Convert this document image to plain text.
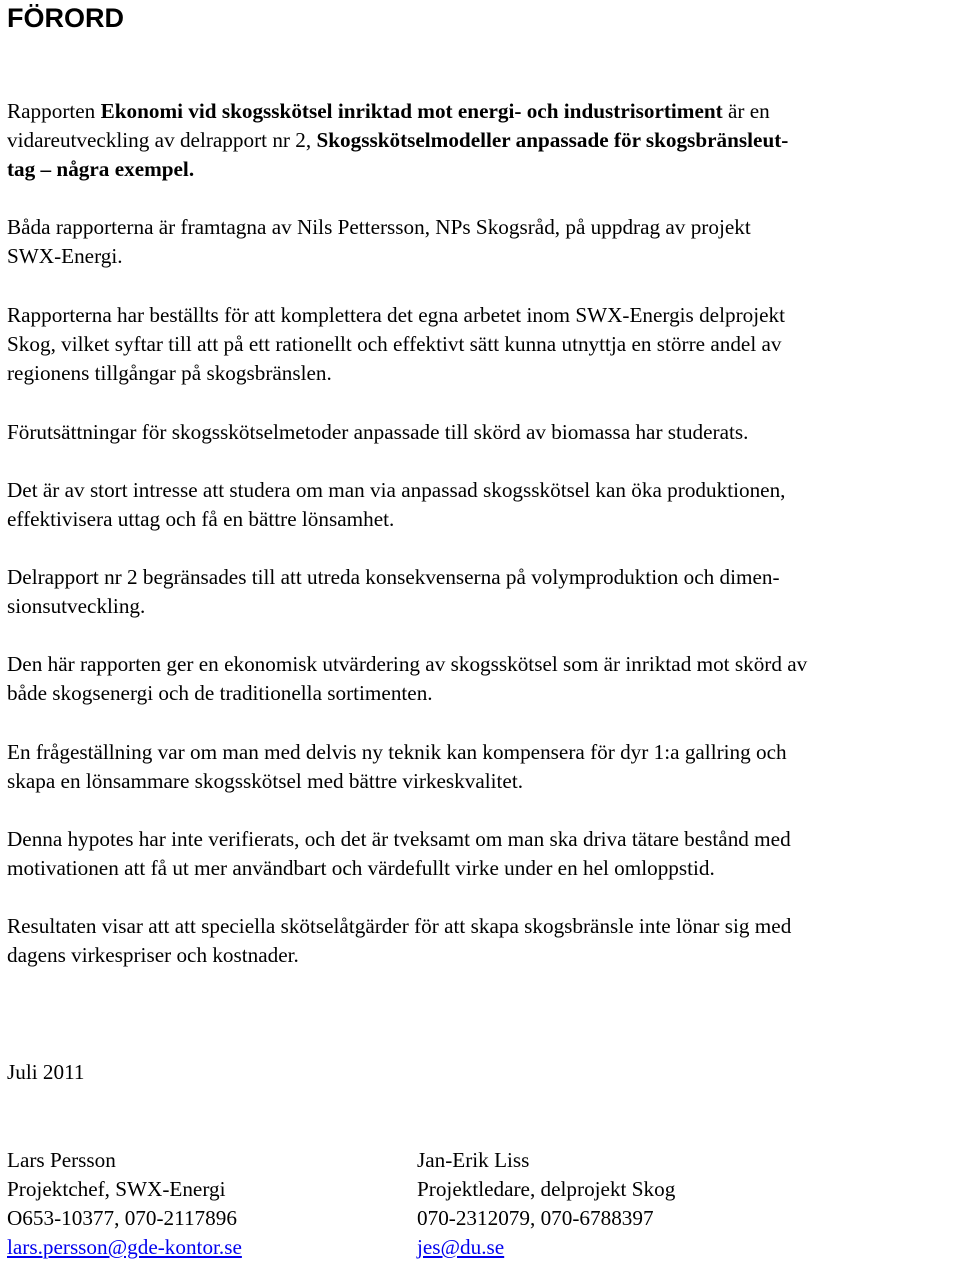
FÖRORD

Rapporten Ekonomi vid skogsskötsel inriktad mot energi- och industrisortiment är en
vidareutveckling av delrapport nr 2, Skogsskötselmodeller anpassade för skogsbränsleut-
tag – några exempel.

Båda rapporterna är framtagna av Nils Pettersson, NPs Skogsråd, på uppdrag av projekt
SWX-Energi.

Rapporterna har beställts för att komplettera det egna arbetet inom SWX-Energis delprojekt
Skog, vilket syftar till att på ett rationellt och effektivt sätt kunna utnyttja en större andel av
regionens tillgångar på skogsbränslen.

Förutsättningar för skogsskötselmetoder anpassade till skörd av biomassa har studerats.

Det är av stort intresse att studera om man via anpassad skogsskötsel kan öka produktionen,
effektivisera uttag och få en bättre lönsamhet.

Delrapport nr 2 begränsades till att utreda konsekvenserna på volymproduktion och dimen-
sionsutveckling.

Den här rapporten ger en ekonomisk utvärdering av skogsskötsel som är inriktad mot skörd av
både skogsenergi och de traditionella sortimenten.

En frågeställning var om man med delvis ny teknik kan kompensera för dyr 1:a gallring och
skapa en lönsammare skogsskötsel med bättre virkeskvalitet.

Denna hypotes har inte verifierats, och det är tveksamt om man ska driva tätare bestånd med
motivationen att få ut mer användbart och värdefullt virke under en hel omloppstid.

Resultaten visar att att speciella skötselåtgärder för att skapa skogsbränsle inte lönar sig med
dagens virkespriser och kostnader.

Juli 2011

Lars Persson
Projektchef, SWX-Energi
O653-10377, 070-2117896
lars.persson@gde-kontor.se
Jan-Erik Liss
Projektledare, delprojekt Skog
070-2312079, 070-6788397
jes@du.se
